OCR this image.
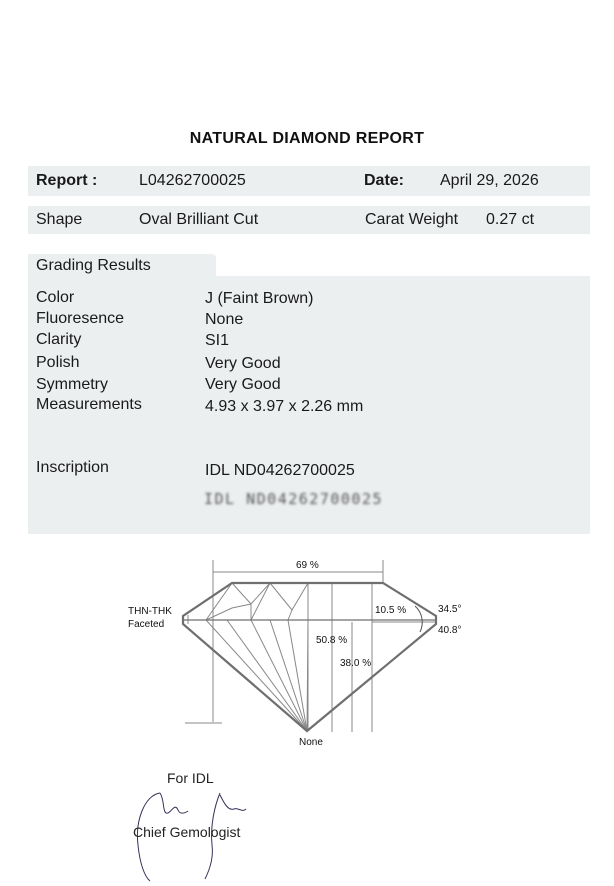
NATURAL DIAMOND REPORT
Report :	L04262700025	Date: April 29, 2026
Shape	Oval Brilliant Cut	Carat Weight 0.27 ct
Grading Results
Color	J (Faint Brown)
Fluoresence	None
Clarity	SI1
Polish	Very Good
Symmetry	Very Good
Measurements	4.93 x 3.97 x 2.26 mm
Inscription	IDL ND04262700025
IDL ND04262700025
69 %
THN-THK
Faceted
10.5 %	34.5°
40.8°
50.8 %
38.0 %
None
For IDL
Chief Gemologist
